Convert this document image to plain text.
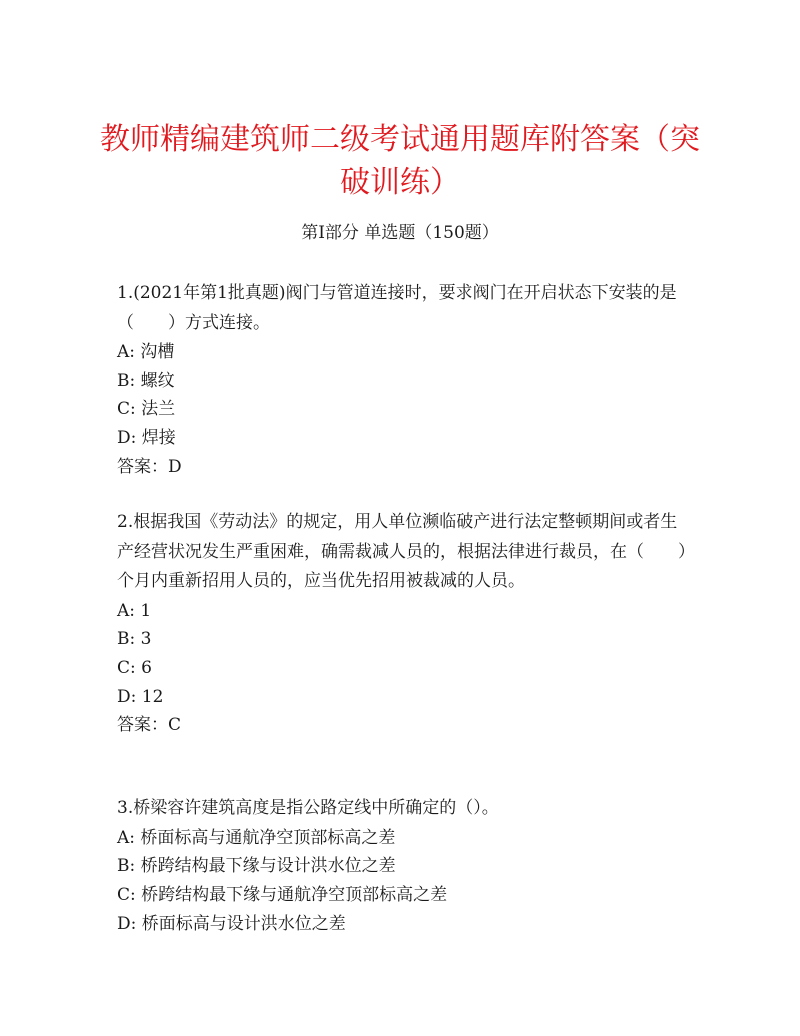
教师精编建筑师二级考试通用题库附答案（突破训练）
第I部分 单选题（150题）

1.(2021年第1批真题)阀门与管道连接时，要求阀门在开启状态下安装的是（　　）方式连接。

A: 沟槽

B: 螺纹

C: 法兰

D: 焊接

答案：D

2.根据我国《劳动法》的规定，用人单位濒临破产进行法定整顿期间或者生产经营状况发生严重困难，确需裁减人员的，根据法律进行裁员，在（　　）个月内重新招用人员的，应当优先招用被裁减的人员。

A: 1

B: 3

C: 6

D: 12

答案：C

3.桥梁容许建筑高度是指公路定线中所确定的（）。

A: 桥面标高与通航净空顶部标高之差

B: 桥跨结构最下缘与设计洪水位之差

C: 桥跨结构最下缘与通航净空顶部标高之差

D: 桥面标高与设计洪水位之差
